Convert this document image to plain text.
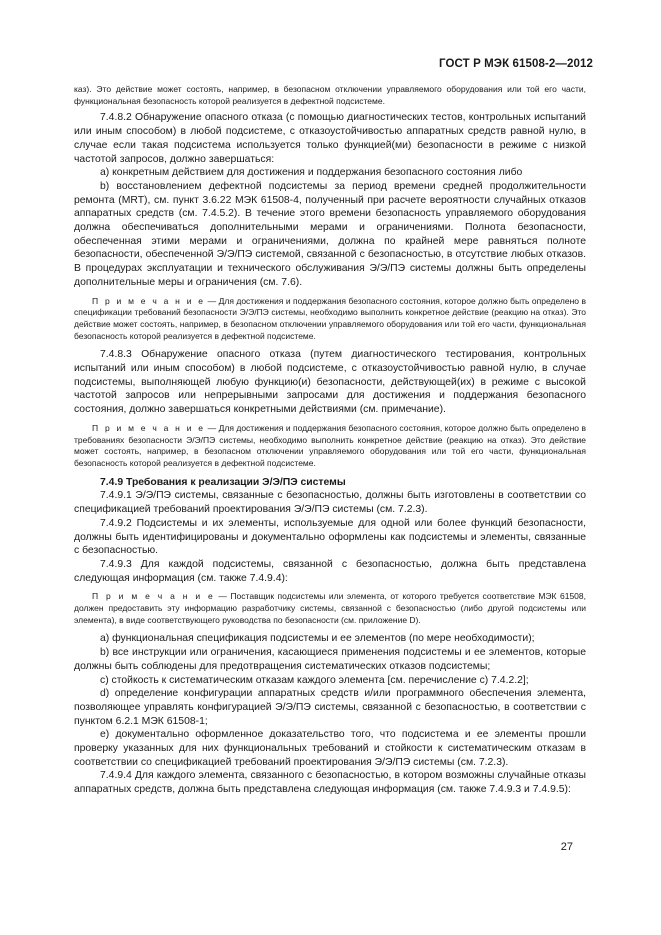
ГОСТ Р МЭК 61508-2—2012

каз). Это действие может состоять, например, в безопасном отключении управляемого оборудования или той его части, функциональная безопасность которой реализуется в дефектной подсистеме.

7.4.8.2 Обнаружение опасного отказа (с помощью диагностических тестов, контрольных испытаний или иным способом) в любой подсистеме, с отказоустойчивостью аппаратных средств равной нулю, в случае если такая подсистема используется только функцией(ми) безопасности в режиме с низкой частотой запросов, должно завершаться:

a) конкретным действием для достижения и поддержания безопасного состояния либо

b) восстановлением дефектной подсистемы за период времени средней продолжительности ремонта (MRT), см. пункт 3.6.22 МЭК 61508-4, полученный при расчете вероятности случайных отказов аппаратных средств (см. 7.4.5.2). В течение этого времени безопасность управляемого оборудования должна обеспечиваться дополнительными мерами и ограничениями. Полнота безопасности, обеспеченная этими мерами и ограничениями, должна по крайней мере равняться полноте безопасности, обеспеченной Э/Э/ПЭ системой, связанной с безопасностью, в отсутствие любых отказов. В процедурах эксплуатации и технического обслуживания Э/Э/ПЭ системы должны быть определены дополнительные меры и ограничения (см. 7.6).

П р и м е ч а н и е — Для достижения и поддержания безопасного состояния, которое должно быть определено в спецификации требований безопасности Э/Э/ПЭ системы, необходимо выполнить конкретное действие (реакцию на отказ). Это действие может состоять, например, в безопасном отключении управляемого оборудования или той его части, функциональная безопасность которой реализуется в дефектной подсистеме.

7.4.8.3 Обнаружение опасного отказа (путем диагностического тестирования, контрольных испытаний или иным способом) в любой подсистеме, с отказоустойчивостью равной нулю, в случае подсистемы, выполняющей любую функцию(и) безопасности, действующей(их) в режиме с высокой частотой запросов или непрерывными запросами для достижения и поддержания безопасного состояния, должно завершаться конкретными действиями (см. примечание).

П р и м е ч а н и е — Для достижения и поддержания безопасного состояния, которое должно быть определено в требованиях безопасности Э/Э/ПЭ системы, необходимо выполнить конкретное действие (реакцию на отказ). Это действие может состоять, например, в безопасном отключении управляемого оборудования или той его части, функциональная безопасность которой реализуется в дефектной подсистеме.

7.4.9 Требования к реализации Э/Э/ПЭ системы

7.4.9.1 Э/Э/ПЭ системы, связанные с безопасностью, должны быть изготовлены в соответствии со спецификацией требований проектирования Э/Э/ПЭ системы (см. 7.2.3).

7.4.9.2 Подсистемы и их элементы, используемые для одной или более функций безопасности, должны быть идентифицированы и документально оформлены как подсистемы и элементы, связанные с безопасностью.

7.4.9.3 Для каждой подсистемы, связанной с безопасностью, должна быть представлена следующая информация (см. также 7.4.9.4):

П р и м е ч а н и е — Поставщик подсистемы или элемента, от которого требуется соответствие МЭК 61508, должен предоставить эту информацию разработчику системы, связанной с безопасностью (либо другой подсистемы или элемента), в виде соответствующего руководства по безопасности (см. приложение D).

a) функциональная спецификация подсистемы и ее элементов (по мере необходимости);

b) все инструкции или ограничения, касающиеся применения подсистемы и ее элементов, которые должны быть соблюдены для предотвращения систематических отказов подсистемы;

c) стойкость к систематическим отказам каждого элемента [см. перечисление c) 7.4.2.2];

d) определение конфигурации аппаратных средств и/или программного обеспечения элемента, позволяющее управлять конфигурацией Э/Э/ПЭ системы, связанной с безопасностью, в соответствии с пунктом 6.2.1 МЭК 61508-1;

e) документально оформленное доказательство того, что подсистема и ее элементы прошли проверку указанных для них функциональных требований и стойкости к систематическим отказам в соответствии со спецификацией требований проектирования Э/Э/ПЭ системы (см. 7.2.3).

7.4.9.4 Для каждого элемента, связанного с безопасностью, в котором возможны случайные отказы аппаратных средств, должна быть представлена следующая информация (см. также 7.4.9.3 и 7.4.9.5):

27
